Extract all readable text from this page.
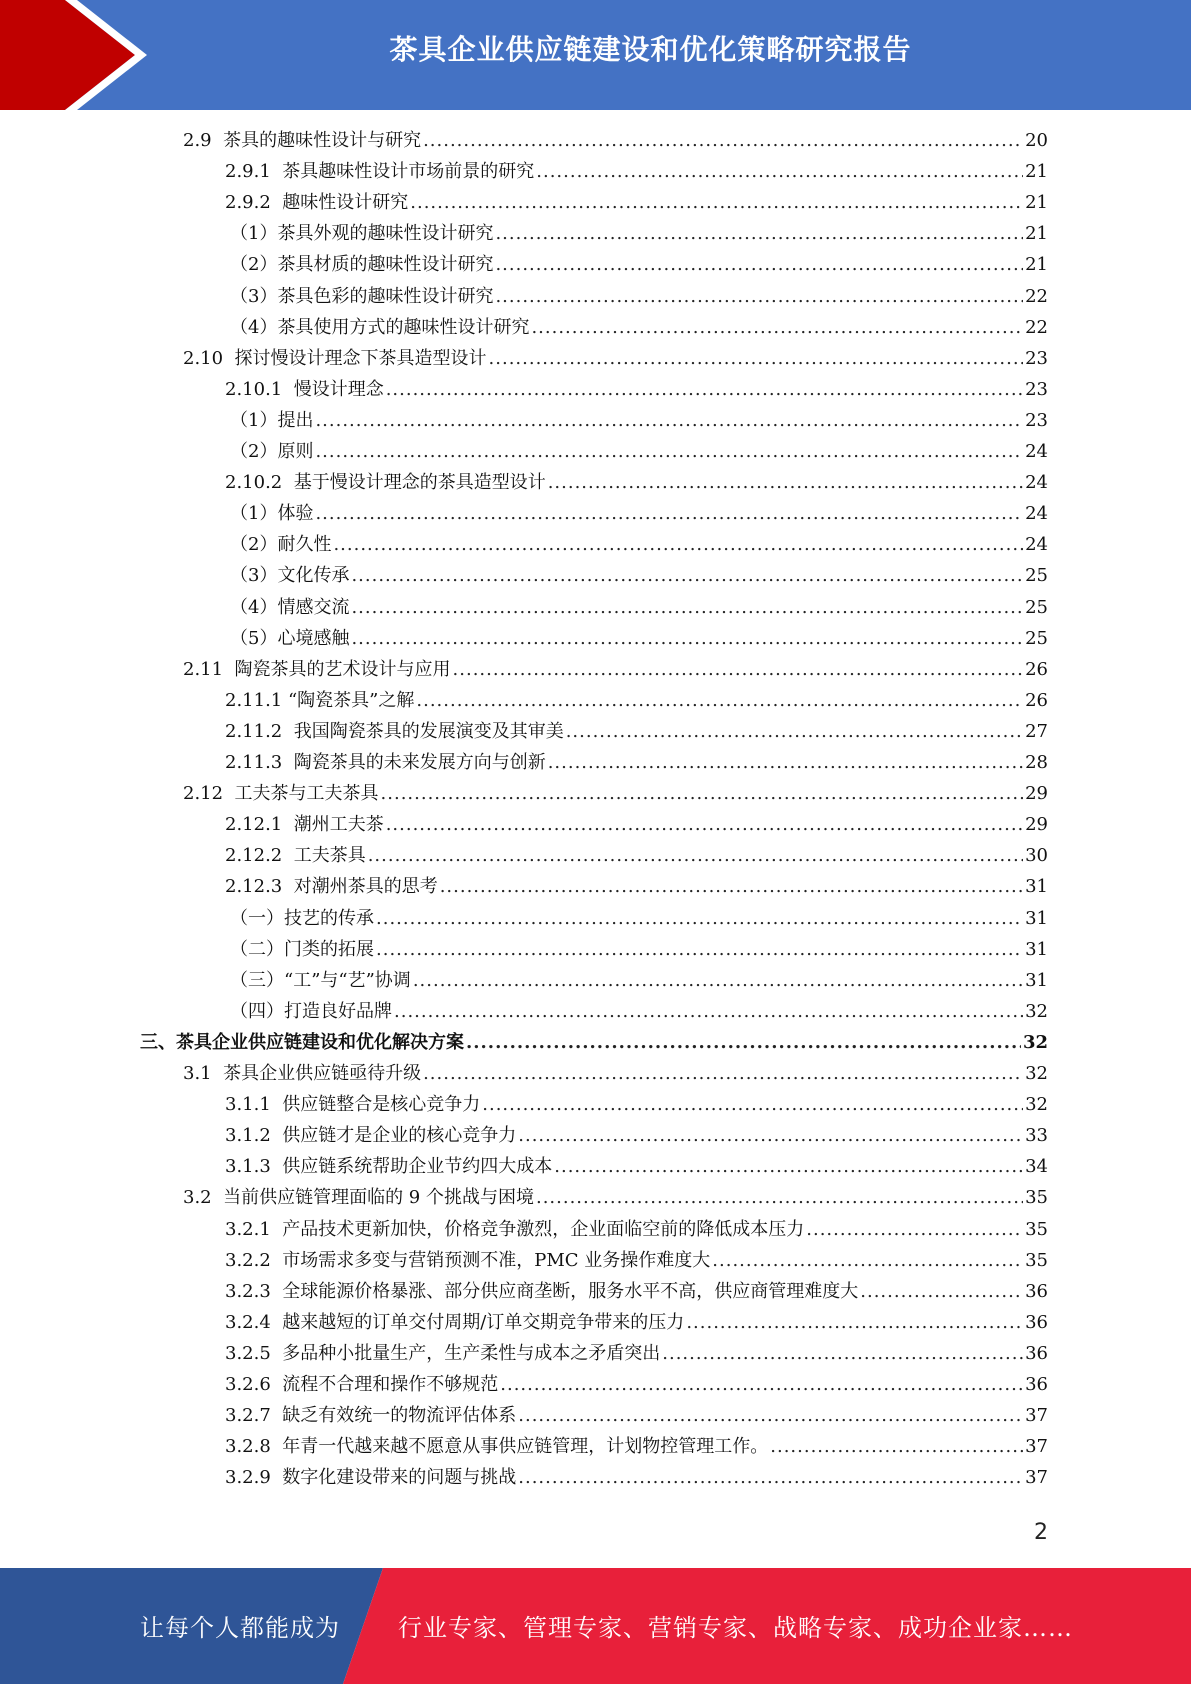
茶具企业供应链建设和优化策略研究报告
2.9  茶具的趣味性设计与研究 .....	20
2.9.1  茶具趣味性设计市场前景的研究 .....	21
2.9.2  趣味性设计研究 .....	21
（1）茶具外观的趣味性设计研究 .....	21
（2）茶具材质的趣味性设计研究 .....	21
（3）茶具色彩的趣味性设计研究 .....	22
（4）茶具使用方式的趣味性设计研究 .....	22
2.10  探讨慢设计理念下茶具造型设计 .....	23
2.10.1  慢设计理念 .....	23
（1）提出 .....	23
（2）原则 .....	24
2.10.2  基于慢设计理念的茶具造型设计 .....	24
（1）体验 .....	24
（2）耐久性 .....	24
（3）文化传承 .....	25
（4）情感交流 .....	25
（5）心境感触 .....	25
2.11  陶瓷茶具的艺术设计与应用 .....	26
2.11.1 “陶瓷茶具”之解 .....	26
2.11.2  我国陶瓷茶具的发展演变及其审美 .....	27
2.11.3  陶瓷茶具的未来发展方向与创新 .....	28
2.12  工夫茶与工夫茶具 .....	29
2.12.1  潮州工夫茶 .....	29
2.12.2  工夫茶具 .....	30
2.12.3  对潮州茶具的思考 .....	31
（一）技艺的传承 .....	31
（二）门类的拓展 .....	31
（三）“工”与“艺”协调 .....	31
（四）打造良好品牌 .....	32
三、茶具企业供应链建设和优化解决方案 .....	32
3.1  茶具企业供应链亟待升级 .....	32
3.1.1  供应链整合是核心竞争力 .....	32
3.1.2  供应链才是企业的核心竞争力 .....	33
3.1.3  供应链系统帮助企业节约四大成本 .....	34
3.2  当前供应链管理面临的 9 个挑战与困境 .....	35
3.2.1  产品技术更新加快，价格竞争激烈，企业面临空前的降低成本压力 .....	35
3.2.2  市场需求多变与营销预测不准，PMC 业务操作难度大 .....	35
3.2.3  全球能源价格暴涨、部分供应商垄断，服务水平不高，供应商管理难度大 .....	36
3.2.4  越来越短的订单交付周期/订单交期竞争带来的压力 .....	36
3.2.5  多品种小批量生产，生产柔性与成本之矛盾突出 .....	36
3.2.6  流程不合理和操作不够规范 .....	36
3.2.7  缺乏有效统一的物流评估体系 .....	37
3.2.8  年青一代越来越不愿意从事供应链管理，计划物控管理工作。 .....	37
3.2.9  数字化建设带来的问题与挑战 .....	37
2
让每个人都能成为 行业专家、管理专家、营销专家、战略专家、成功企业家……
